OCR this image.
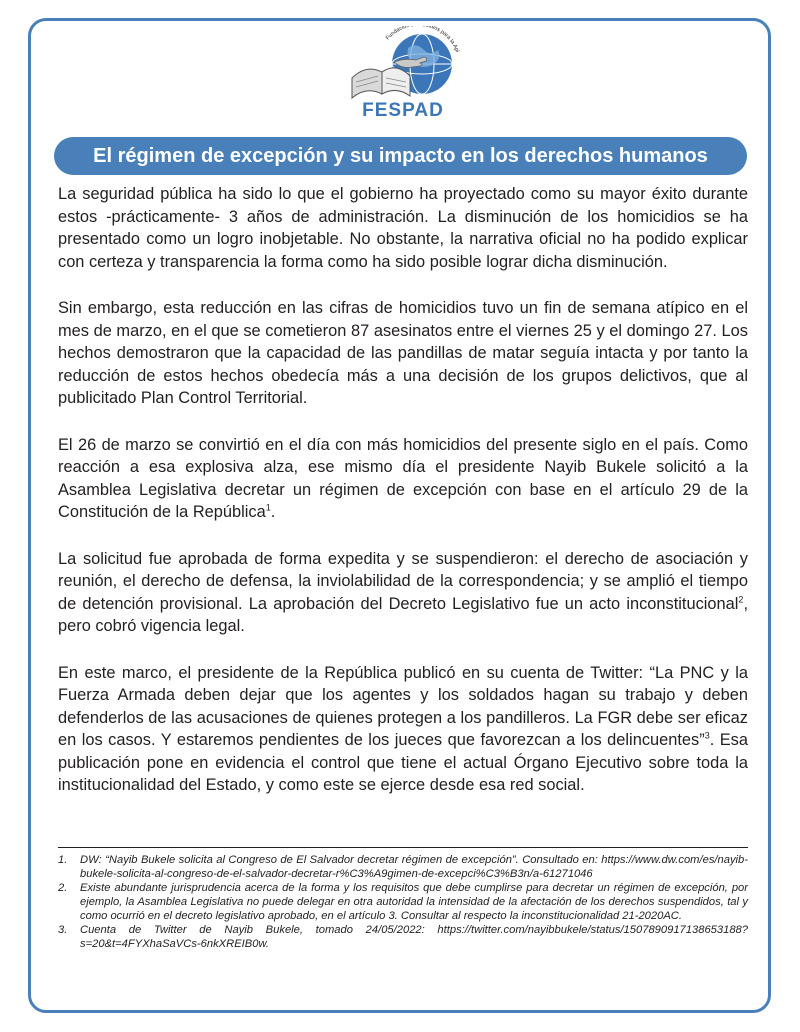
Fundación udios para la Apl
FESPAD
El régimen de excepción y su impacto en los derechos humanos

La seguridad pública ha sido lo que el gobierno ha proyectado como su mayor éxito durante estos -prácticamente- 3 años de administración. La disminución de los homicidios se ha presentado como un logro inobjetable. No obstante, la narrativa oficial no ha podido explicar con certeza y transparencia la forma como ha sido posible lograr dicha disminución.

Sin embargo, esta reducción en las cifras de homicidios tuvo un fin de semana atípico en el mes de marzo, en el que se cometieron 87 asesinatos entre el viernes 25 y el domingo 27. Los hechos demostraron que la capacidad de las pandillas de matar seguía intacta y por tanto la reducción de estos hechos obedecía más a una decisión de los grupos delictivos, que al publicitado Plan Control Territorial.

El 26 de marzo se convirtió en el día con más homicidios del presente siglo en el país. Como reacción a esa explosiva alza, ese mismo día el presidente Nayib Bukele solicitó a la Asamblea Legislativa decretar un régimen de excepción con base en el artículo 29 de la Constitución de la República$^1$.

La solicitud fue aprobada de forma expedita y se suspendieron: el derecho de asociación y reunión, el derecho de defensa, la inviolabilidad de la correspondencia; y se amplió el tiempo de detención provisional. La aprobación del Decreto Legislativo fue un acto inconstitucional$^2$, pero cobró vigencia legal.

En este marco, el presidente de la República publicó en su cuenta de Twitter: “La PNC y la Fuerza Armada deben dejar que los agentes y los soldados hagan su trabajo y deben defenderlos de las acusaciones de quienes protegen a los pandilleros. La FGR debe ser eficaz en los casos. Y estaremos pendientes de los jueces que favorezcan a los delincuentes”$^3$. Esa publicación pone en evidencia el control que tiene el actual Órgano Ejecutivo sobre toda la institucionalidad del Estado, y como este se ejerce desde esa red social.

1. DW: “Nayib Bukele solicita al Congreso de El Salvador decretar régimen de excepción”. Consultado en: https://www.dw.com/es/nayib-bukele-solicita-al-congreso-de-el-salvador-decretar-r%C3%A9gimen-de-excepci%C3%B3n/a-61271046
2. Existe abundante jurisprudencia acerca de la forma y los requisitos que debe cumplirse para decretar un régimen de excepción, por ejemplo, la Asamblea Legislativa no puede delegar en otra autoridad la intensidad de la afectación de los derechos suspendidos, tal y como ocurrió en el decreto legislativo aprobado, en el artículo 3. Consultar al respecto la inconstitucionalidad 21-2020AC.
3. Cuenta de Twitter de Nayib Bukele, tomado 24/05/2022: https://twitter.com/nayibbukele/status/1507890917138653188?s=20&t=4FYXhaSaVCs-6nkXREIB0w.
